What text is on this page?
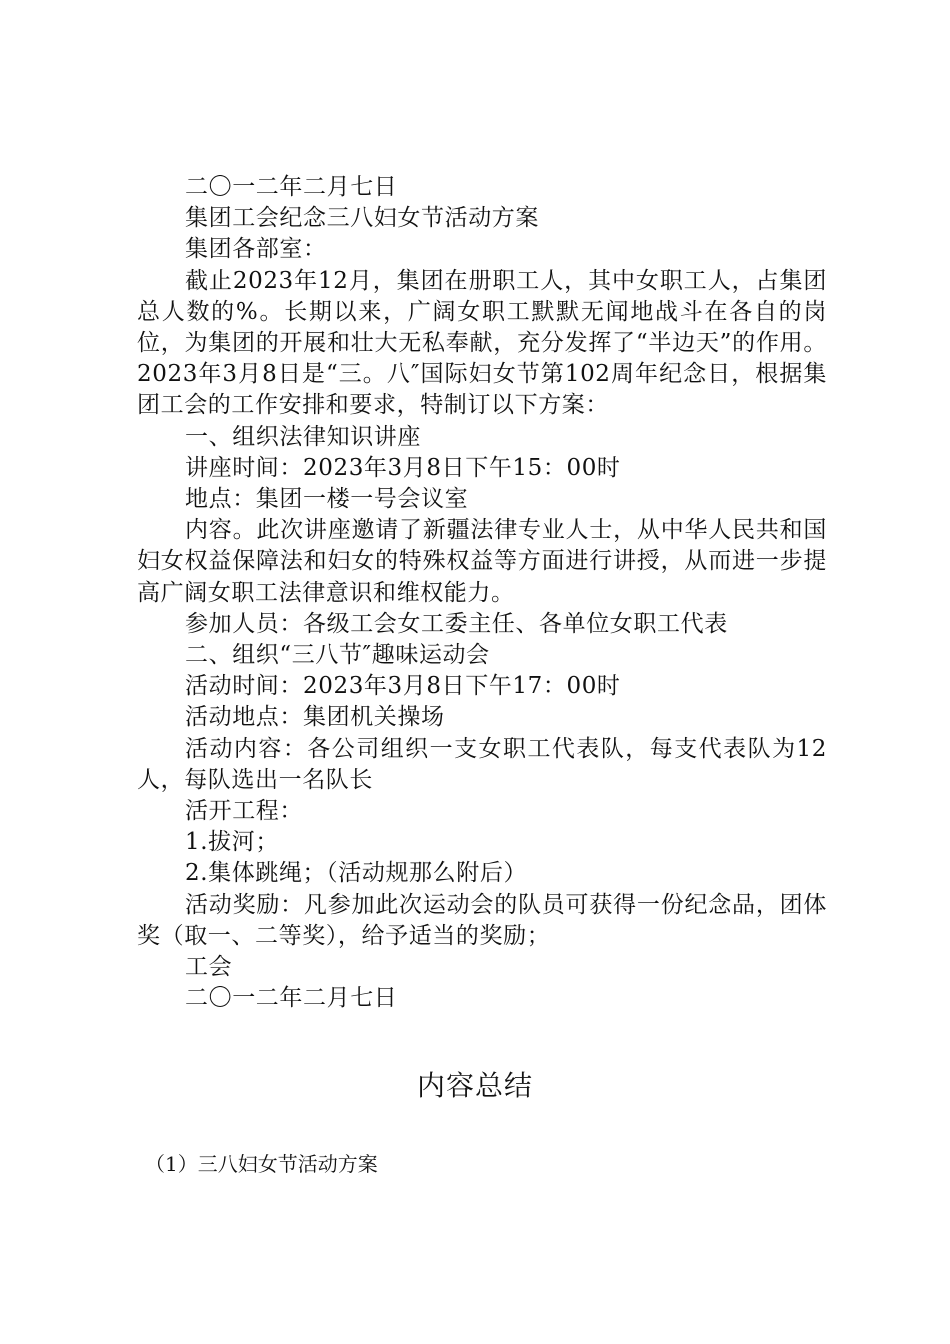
二〇一二年二月七日

集团工会纪念三八妇女节活动方案

集团各部室：

截止2023年12月，集团在册职工人，其中女职工人，占集团总人数的%。长期以来，广阔女职工默默无闻地战斗在各自的岗位，为集团的开展和壮大无私奉献，充分发挥了“半边天”的作用。2023年3月8日是“三。八″国际妇女节第102周年纪念日，根据集团工会的工作安排和要求，特制订以下方案：

一、组织法律知识讲座

讲座时间：2023年3月8日下午15：00时

地点：集团一楼一号会议室

内容。此次讲座邀请了新疆法律专业人士，从中华人民共和国妇女权益保障法和妇女的特殊权益等方面进行讲授，从而进一步提高广阔女职工法律意识和维权能力。

参加人员：各级工会女工委主任、各单位女职工代表

二、组织“三八节″趣味运动会

活动时间：2023年3月8日下午17：00时

活动地点：集团机关操场

活动内容：各公司组织一支女职工代表队，每支代表队为12人，每队选出一名队长

活开工程：

1.拔河；

2.集体跳绳；（活动规那么附后）

活动奖励：凡参加此次运动会的队员可获得一份纪念品，团体奖（取一、二等奖），给予适当的奖励；

工会

二〇一二年二月七日

内容总结

（1）三八妇女节活动方案
